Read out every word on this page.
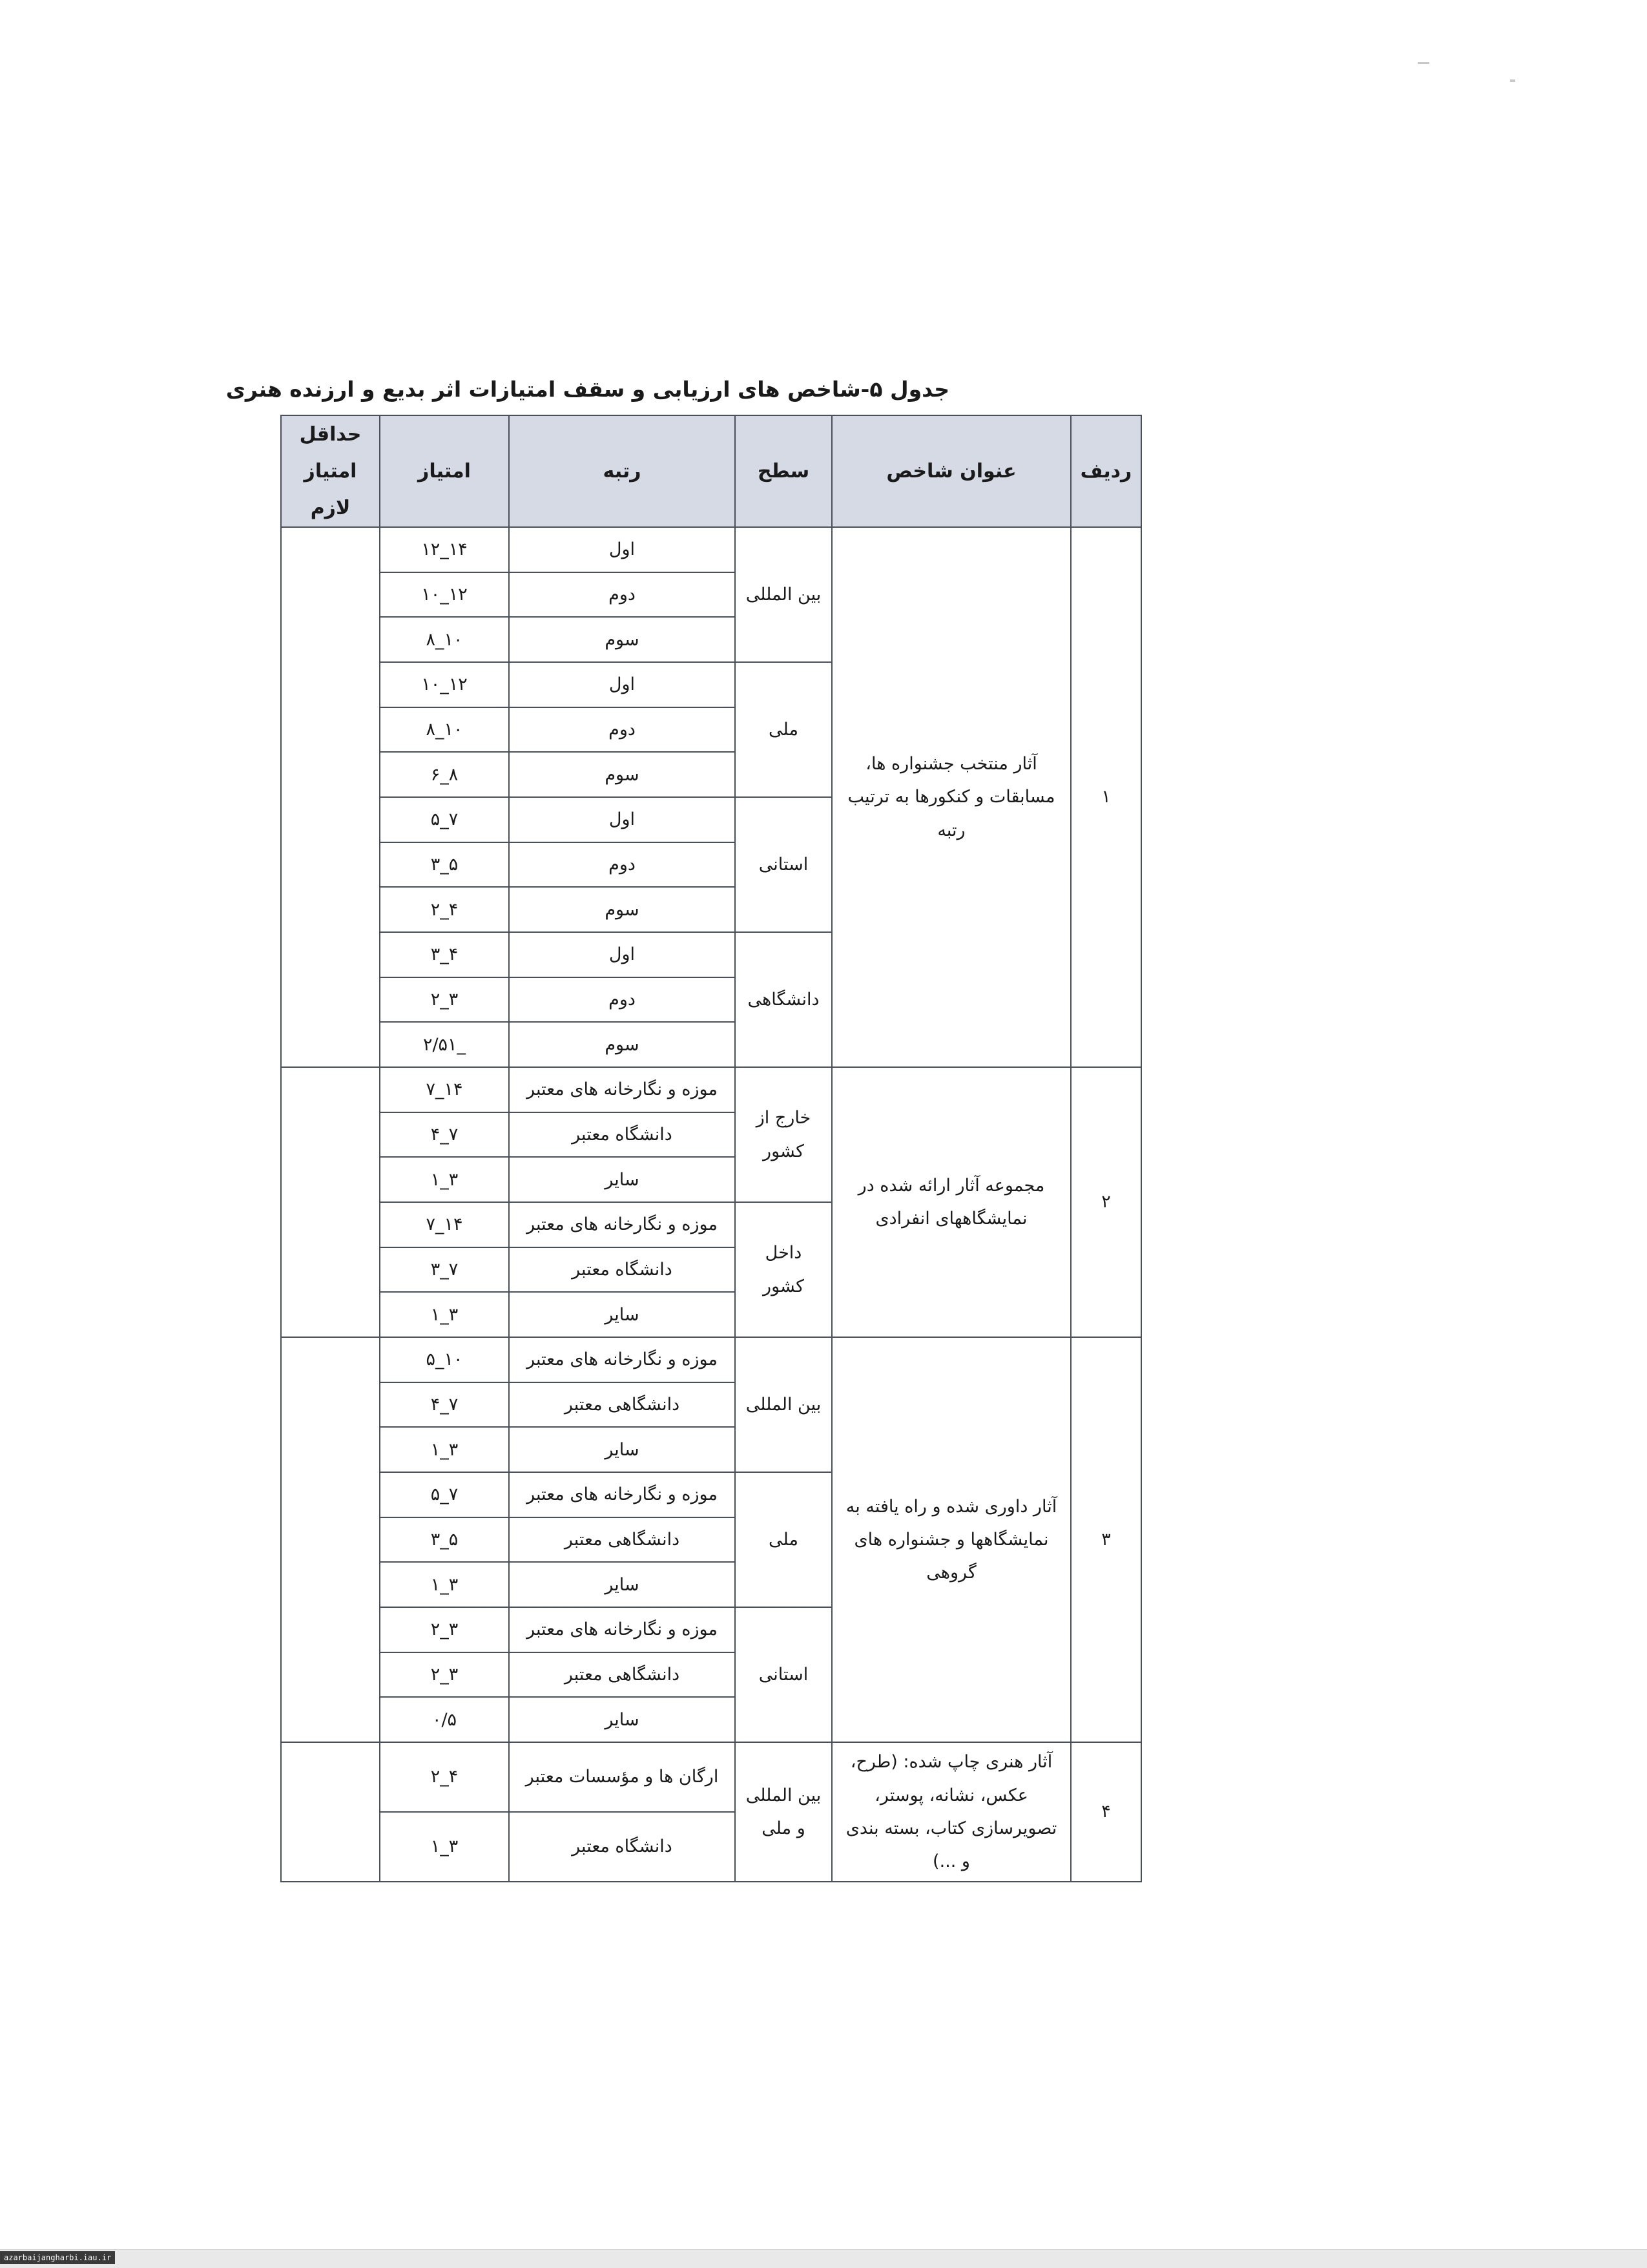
جدول ۵-شاخص های ارزیابی و سقف امتیازات اثر بدیع و ارزنده هنری
ردیف	عنوان شاخص	سطح	رتبه	امتیاز	حداقل امتیاز لازم
۱	آثار منتخب جشنواره ها، مسابقات و کنکورها به ترتیب رتبه	بین المللی	اول	۱۴_۱۲	
			دوم	۱۲_۱۰	
			سوم	۱۰_۸	
		ملی	اول	۱۲_۱۰	
			دوم	۱۰_۸	
			سوم	۸_۶	
		استانی	اول	۷_۵	
			دوم	۵_۳	
			سوم	۴_۲	
		دانشگاهی	اول	۴_۳	
			دوم	۳_۲	
			سوم	_۲/۵۱	
۲	مجموعه آثار ارائه شده در نمایشگاههای انفرادی	خارج از کشور	موزه و نگارخانه های معتبر	۱۴_۷	
			دانشگاه معتبر	۷_۴	
			سایر	۳_۱	
		داخل کشور	موزه و نگارخانه های معتبر	۱۴_۷	
			دانشگاه معتبر	۷_۳	
			سایر	۳_۱	
۳	آثار داوری شده و راه یافته به نمایشگاهها و جشنواره های گروهی	بین المللی	موزه و نگارخانه های معتبر	۱۰_۵	
			دانشگاهی معتبر	۷_۴	
			سایر	۳_۱	
		ملی	موزه و نگارخانه های معتبر	۷_۵	
			دانشگاهی معتبر	۵_۳	
			سایر	۳_۱	
		استانی	موزه و نگارخانه های معتبر	۳_۲	
			دانشگاهی معتبر	۳_۲	
			سایر	۰/۵	
۴	آثار هنری چاپ شده: (طرح، عکس، نشانه، پوستر، تصویرسازی کتاب، بسته بندی و ...)	بین المللی و ملی	ارگان ها و مؤسسات معتبر	۴_۲	
			دانشگاه معتبر	۳_۱	
azarbaijangharbi.iau.ir
